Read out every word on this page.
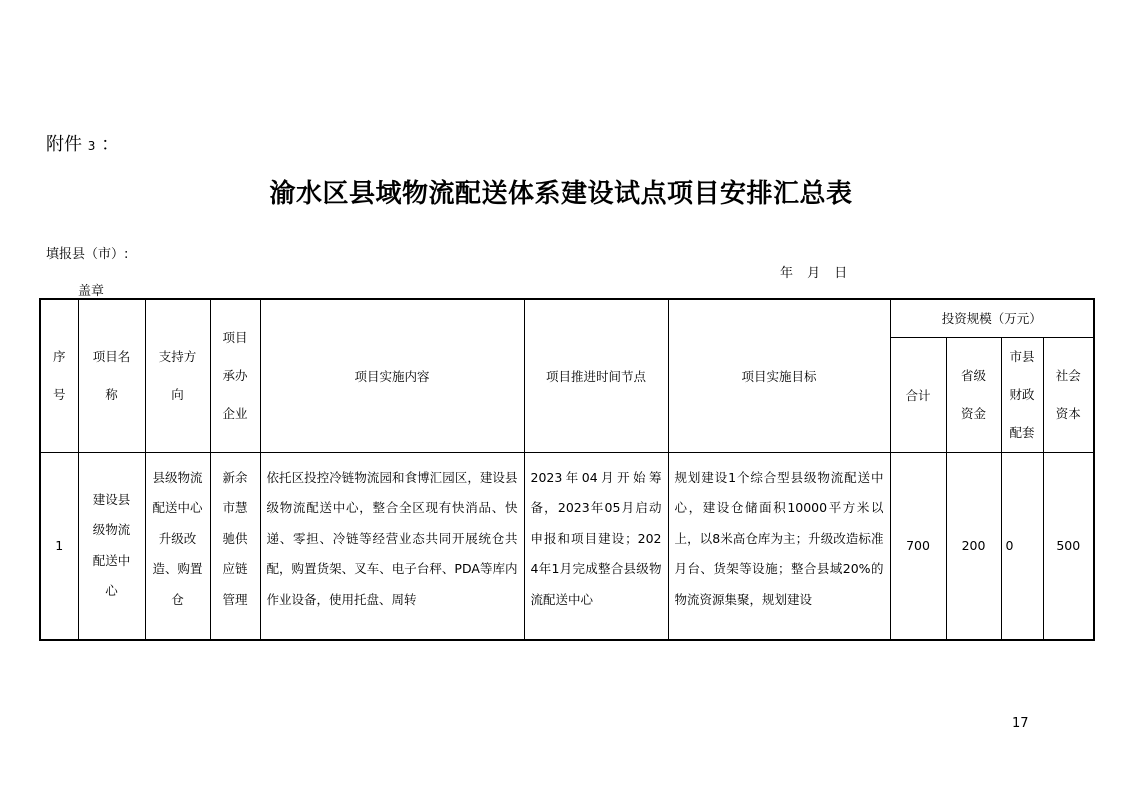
附件 3 ：
渝水区县域物流配送体系建设试点项目安排汇总表
填报县（市）:
年 月 日
盖章
序号	项目名称	支持方向	项目承办企业	项目实施内容	项目推进时间节点	项目实施目标	投资规模（万元）			
							合计	省级资金	市县财政配套	社会资本

1	建设县级物流配送中心	县级物流配送中心升级改造、购置仓	新余市慧驰供应链管理	依托区投控冷链物流园和食博汇园区，建设县级物流配送中心，整合全区现有快消品、快递、零担、冷链等经营业态共同开展统仓共配，购置货架、叉车、电子台秤、PDA等库内作业设备，使用托盘、周转	2023年04月开始筹备，2023年05月启动申报和项目建设；2024年1月完成整合县级物流配送中心	规划建设1个综合型县级物流配送中心，建设仓储面积10000平方米以上，以8米高仓库为主；升级改造标准月台、货架等设施；整合县域20%的物流资源集聚，规划建设	700	200	0	500
17
